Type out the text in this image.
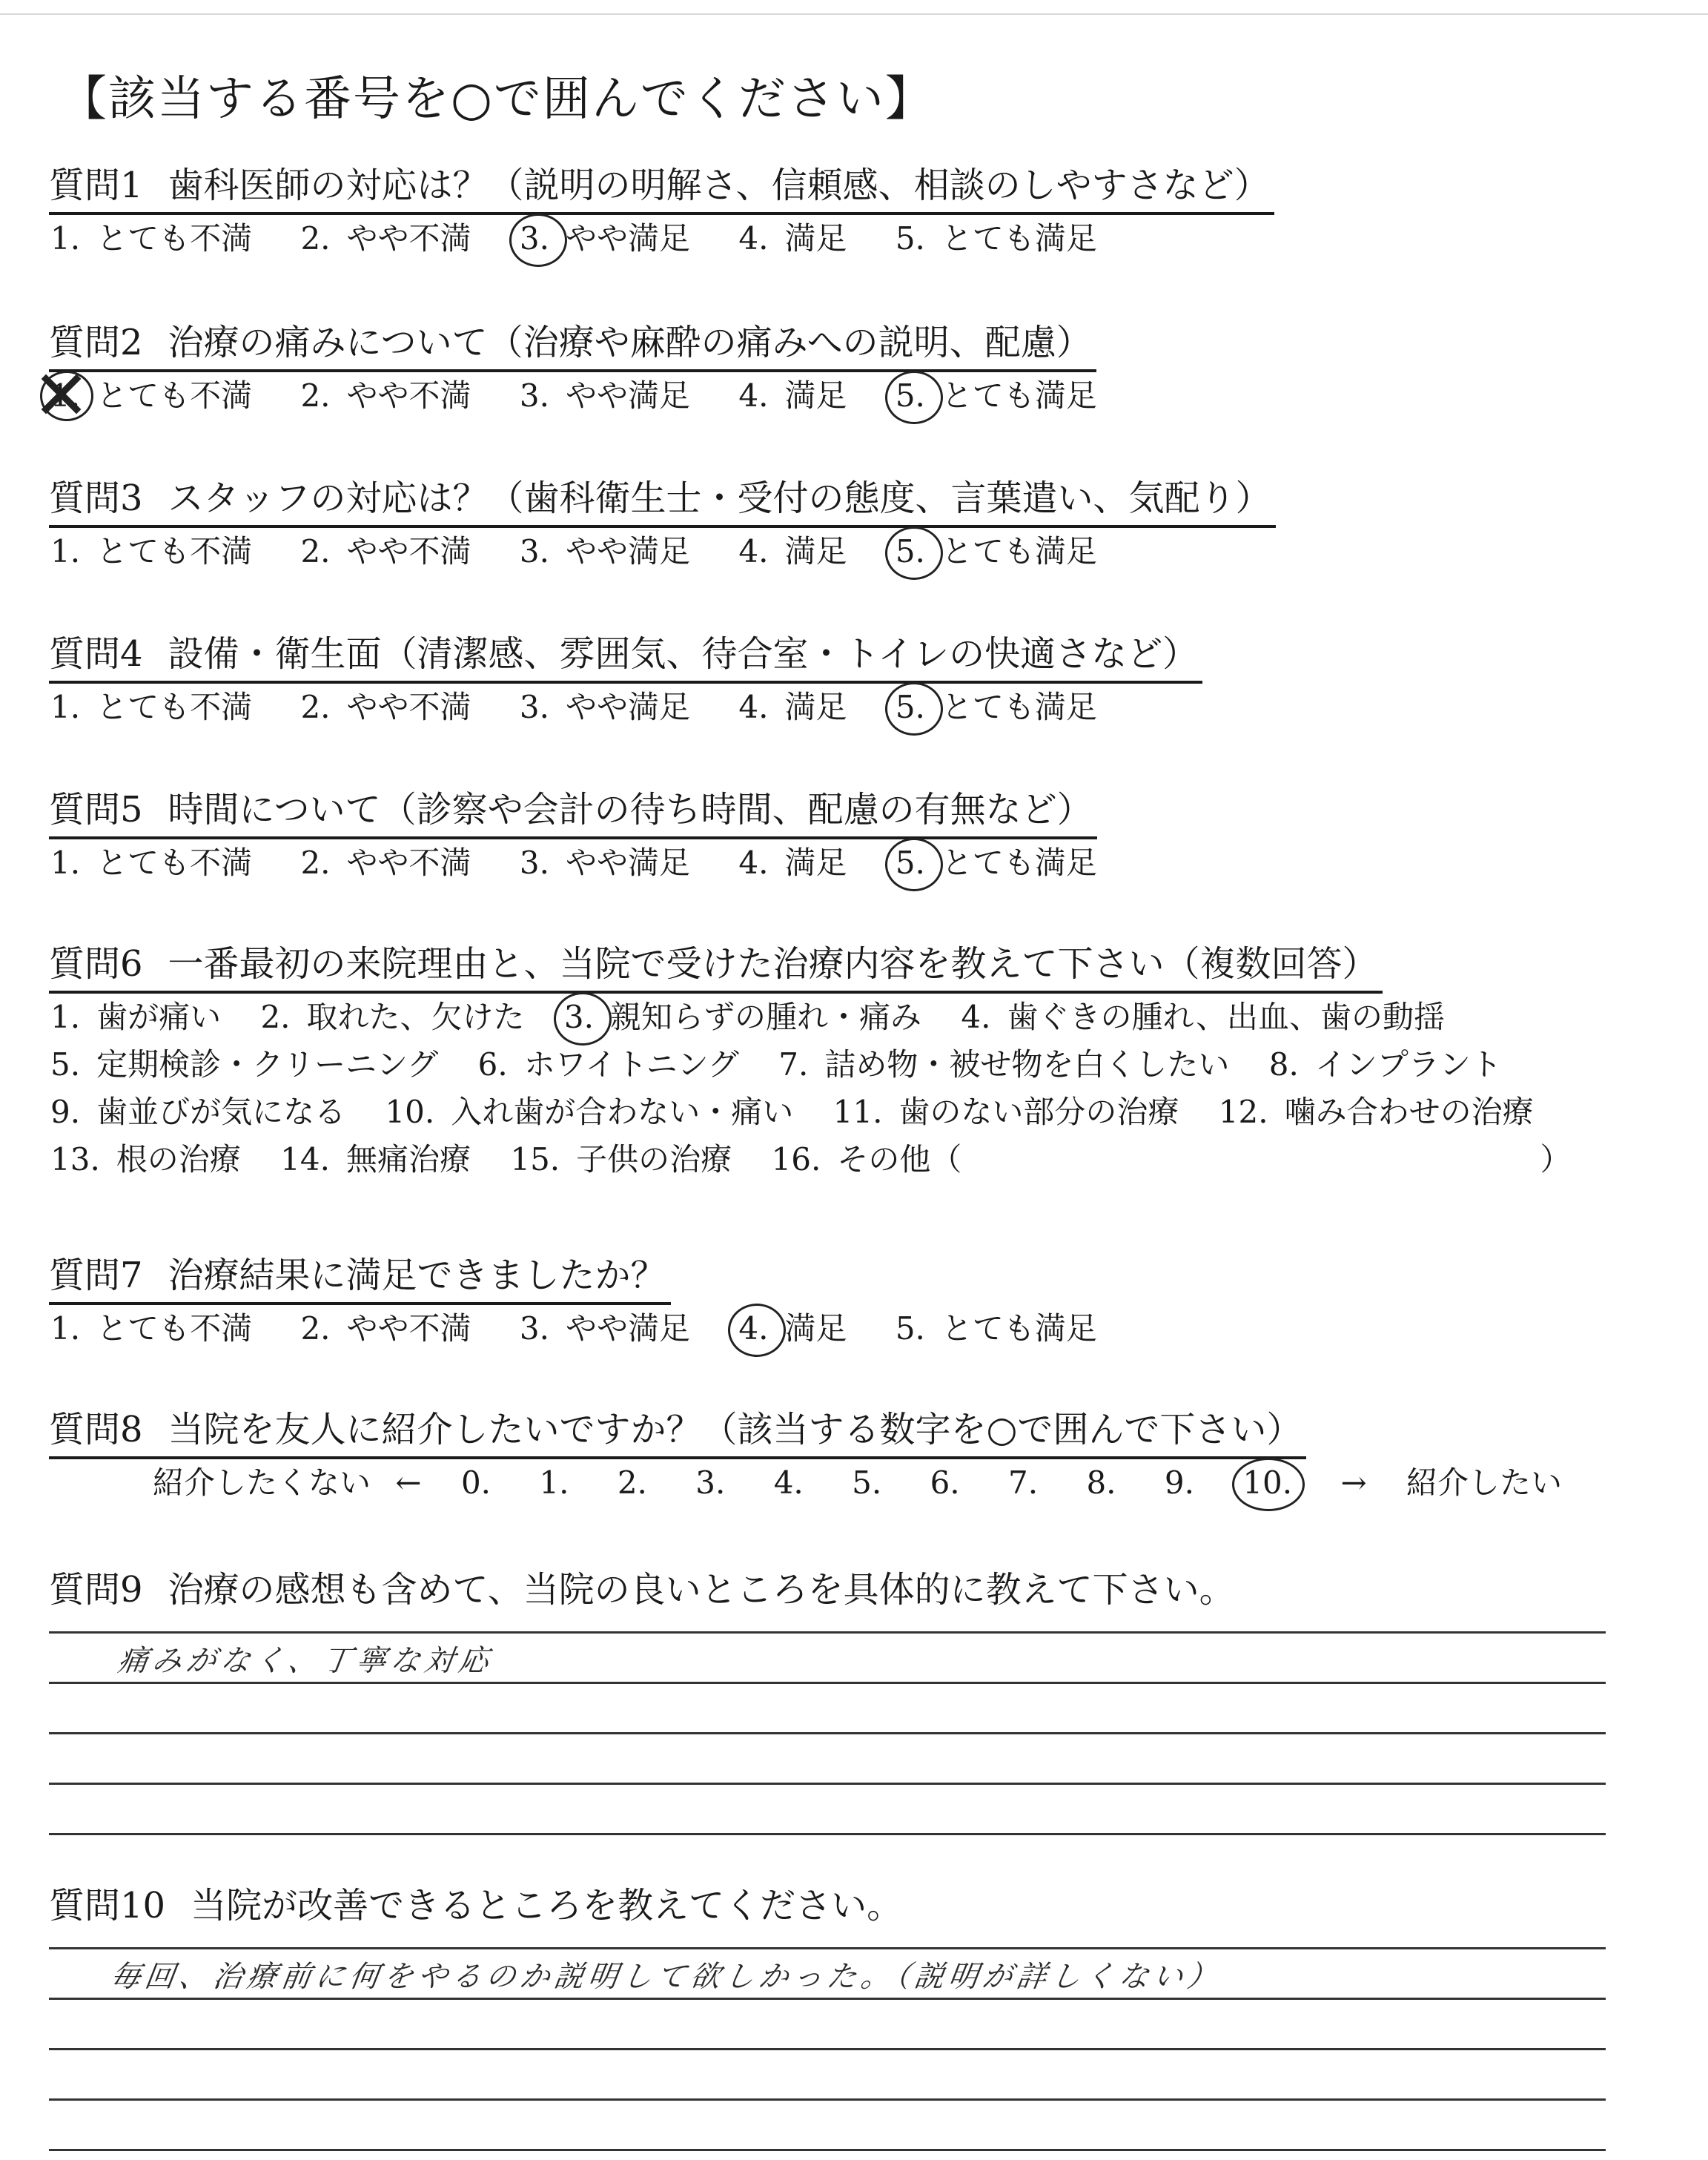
【該当する番号を○で囲んでください】
質問1 歯科医師の対応は？（説明の明解さ、信頼感、相談のしやすさなど）
1. とても不満 2. やや不満 3. やや満足 4. 満足 5. とても満足
質問2 治療の痛みについて（治療や麻酔の痛みへの説明、配慮）
1. ✕ とても不満 2. やや不満 3. やや満足 4. 満足 5. とても満足
質問3 スタッフの対応は？（歯科衛生士・受付の態度、言葉遣い、気配り）
1. とても不満 2. やや不満 3. やや満足 4. 満足 5. とても満足
質問4 設備・衛生面（清潔感、雰囲気、待合室・トイレの快適さなど）
1. とても不満 2. やや不満 3. やや満足 4. 満足 5. とても満足
質問5 時間について（診察や会計の待ち時間、配慮の有無など）
1. とても不満 2. やや不満 3. やや満足 4. 満足 5. とても満足
質問6 一番最初の来院理由と、当院で受けた治療内容を教えて下さい（複数回答）
1. 歯が痛い 2. 取れた、欠けた 3. 親知らずの腫れ・痛み 4. 歯ぐきの腫れ、出血、歯の動揺
5. 定期検診・クリーニング 6. ホワイトニング 7. 詰め物・被せ物を白くしたい 8. インプラント
9. 歯並びが気になる 10. 入れ歯が合わない・痛い 11. 歯のない部分の治療 12. 噛み合わせの治療
13. 根の治療 14. 無痛治療 15. 子供の治療 16. その他（	）
質問7 治療結果に満足できましたか？
1. とても不満 2. やや不満 3. やや満足 4. 満足 5. とても満足
質問8 当院を友人に紹介したいですか？（該当する数字を○で囲んで下さい）
紹介したくない ← 0. 1. 2. 3. 4. 5. 6. 7. 8. 9. 10. → 紹介したい
質問9 治療の感想も含めて、当院の良いところを具体的に教えて下さい。
痛みがなく、丁寧な対応
質問10 当院が改善できるところを教えてください。
毎回、治療前に何をやるのか説明して欲しかった。（説明が詳しくない）
